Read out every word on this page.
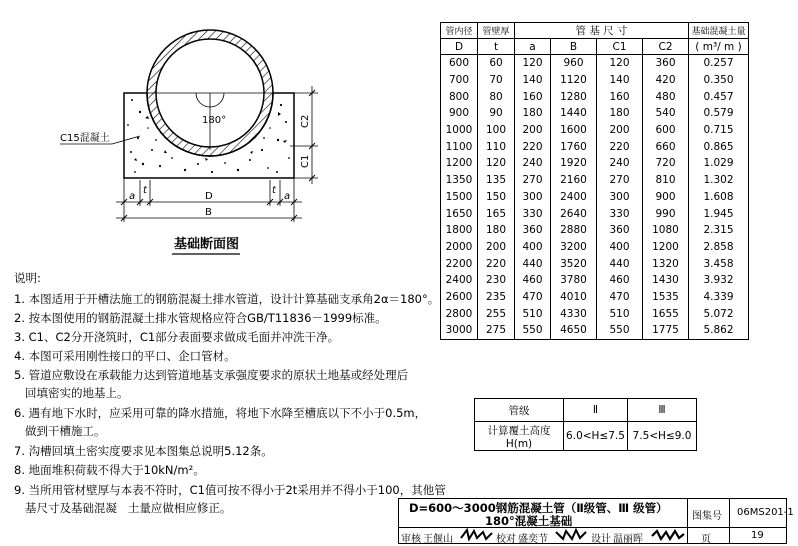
180°
C15混凝土
C2
C1
a
t
D
t
a
B
基础断面图
说明:
1. 本图适用于开槽法施工的钢筋混凝土排水管道，设计计算基础支承角2α＝180°。
2. 按本图使用的钢筋混凝土排水管规格应符合GB/T11836－1999标准。
3. C1、C2分开浇筑时，C1部分表面要求做成毛面并冲洗干净。
4. 本图可采用刚性接口的平口、企口管材。
5. 管道应敷设在承载能力达到管道地基支承强度要求的原状土地基或经处理后
回填密实的地基上。
6. 遇有地下水时，应采用可靠的降水措施，将地下水降至槽底以下不小于0.5m，
做到干槽施工。
7. 沟槽回填土密实度要求见本图集总说明5.12条。
8. 地面堆积荷载不得大于10kN/m²。
9. 当所用管材壁厚与本表不符时，C1值可按不得小于2t采用并不得小于100，其他管
基尺寸及基础混凝   土量应做相应修正。
管内径	管壁厚	管 基 尺 寸				基础混凝土量
D	t	a	B	C1	C2	( m³/ m )
600	60	120	960	120	360	0.257
700	70	140	1120	140	420	0.350
800	80	160	1280	160	480	0.457
900	90	180	1440	180	540	0.579
1000	100	200	1600	200	600	0.715
1100	110	220	1760	220	660	0.865
1200	120	240	1920	240	720	1.029
1350	135	270	2160	270	810	1.302
1500	150	300	2400	300	900	1.608
1650	165	330	2640	330	990	1.945
1800	180	360	2880	360	1080	2.315
2000	200	400	3200	400	1200	2.858
2200	220	440	3520	440	1320	3.458
2400	230	460	3780	460	1430	3.932
2600	235	470	4010	470	1535	4.339
2800	255	510	4330	510	1655	5.072
3000	275	550	4650	550	1775	5.862
管级	Ⅱ	Ⅲ
计算覆土高度H(m)	6.0<H≤7.5	7.5<H≤9.0
D=600～3000钢筋混凝土管（Ⅱ级管、Ⅲ 级管）
180°混凝土基础	图集号 06MS201-1
审核 王偃山	校对 盛奕节	设计 温丽晖	页	19
